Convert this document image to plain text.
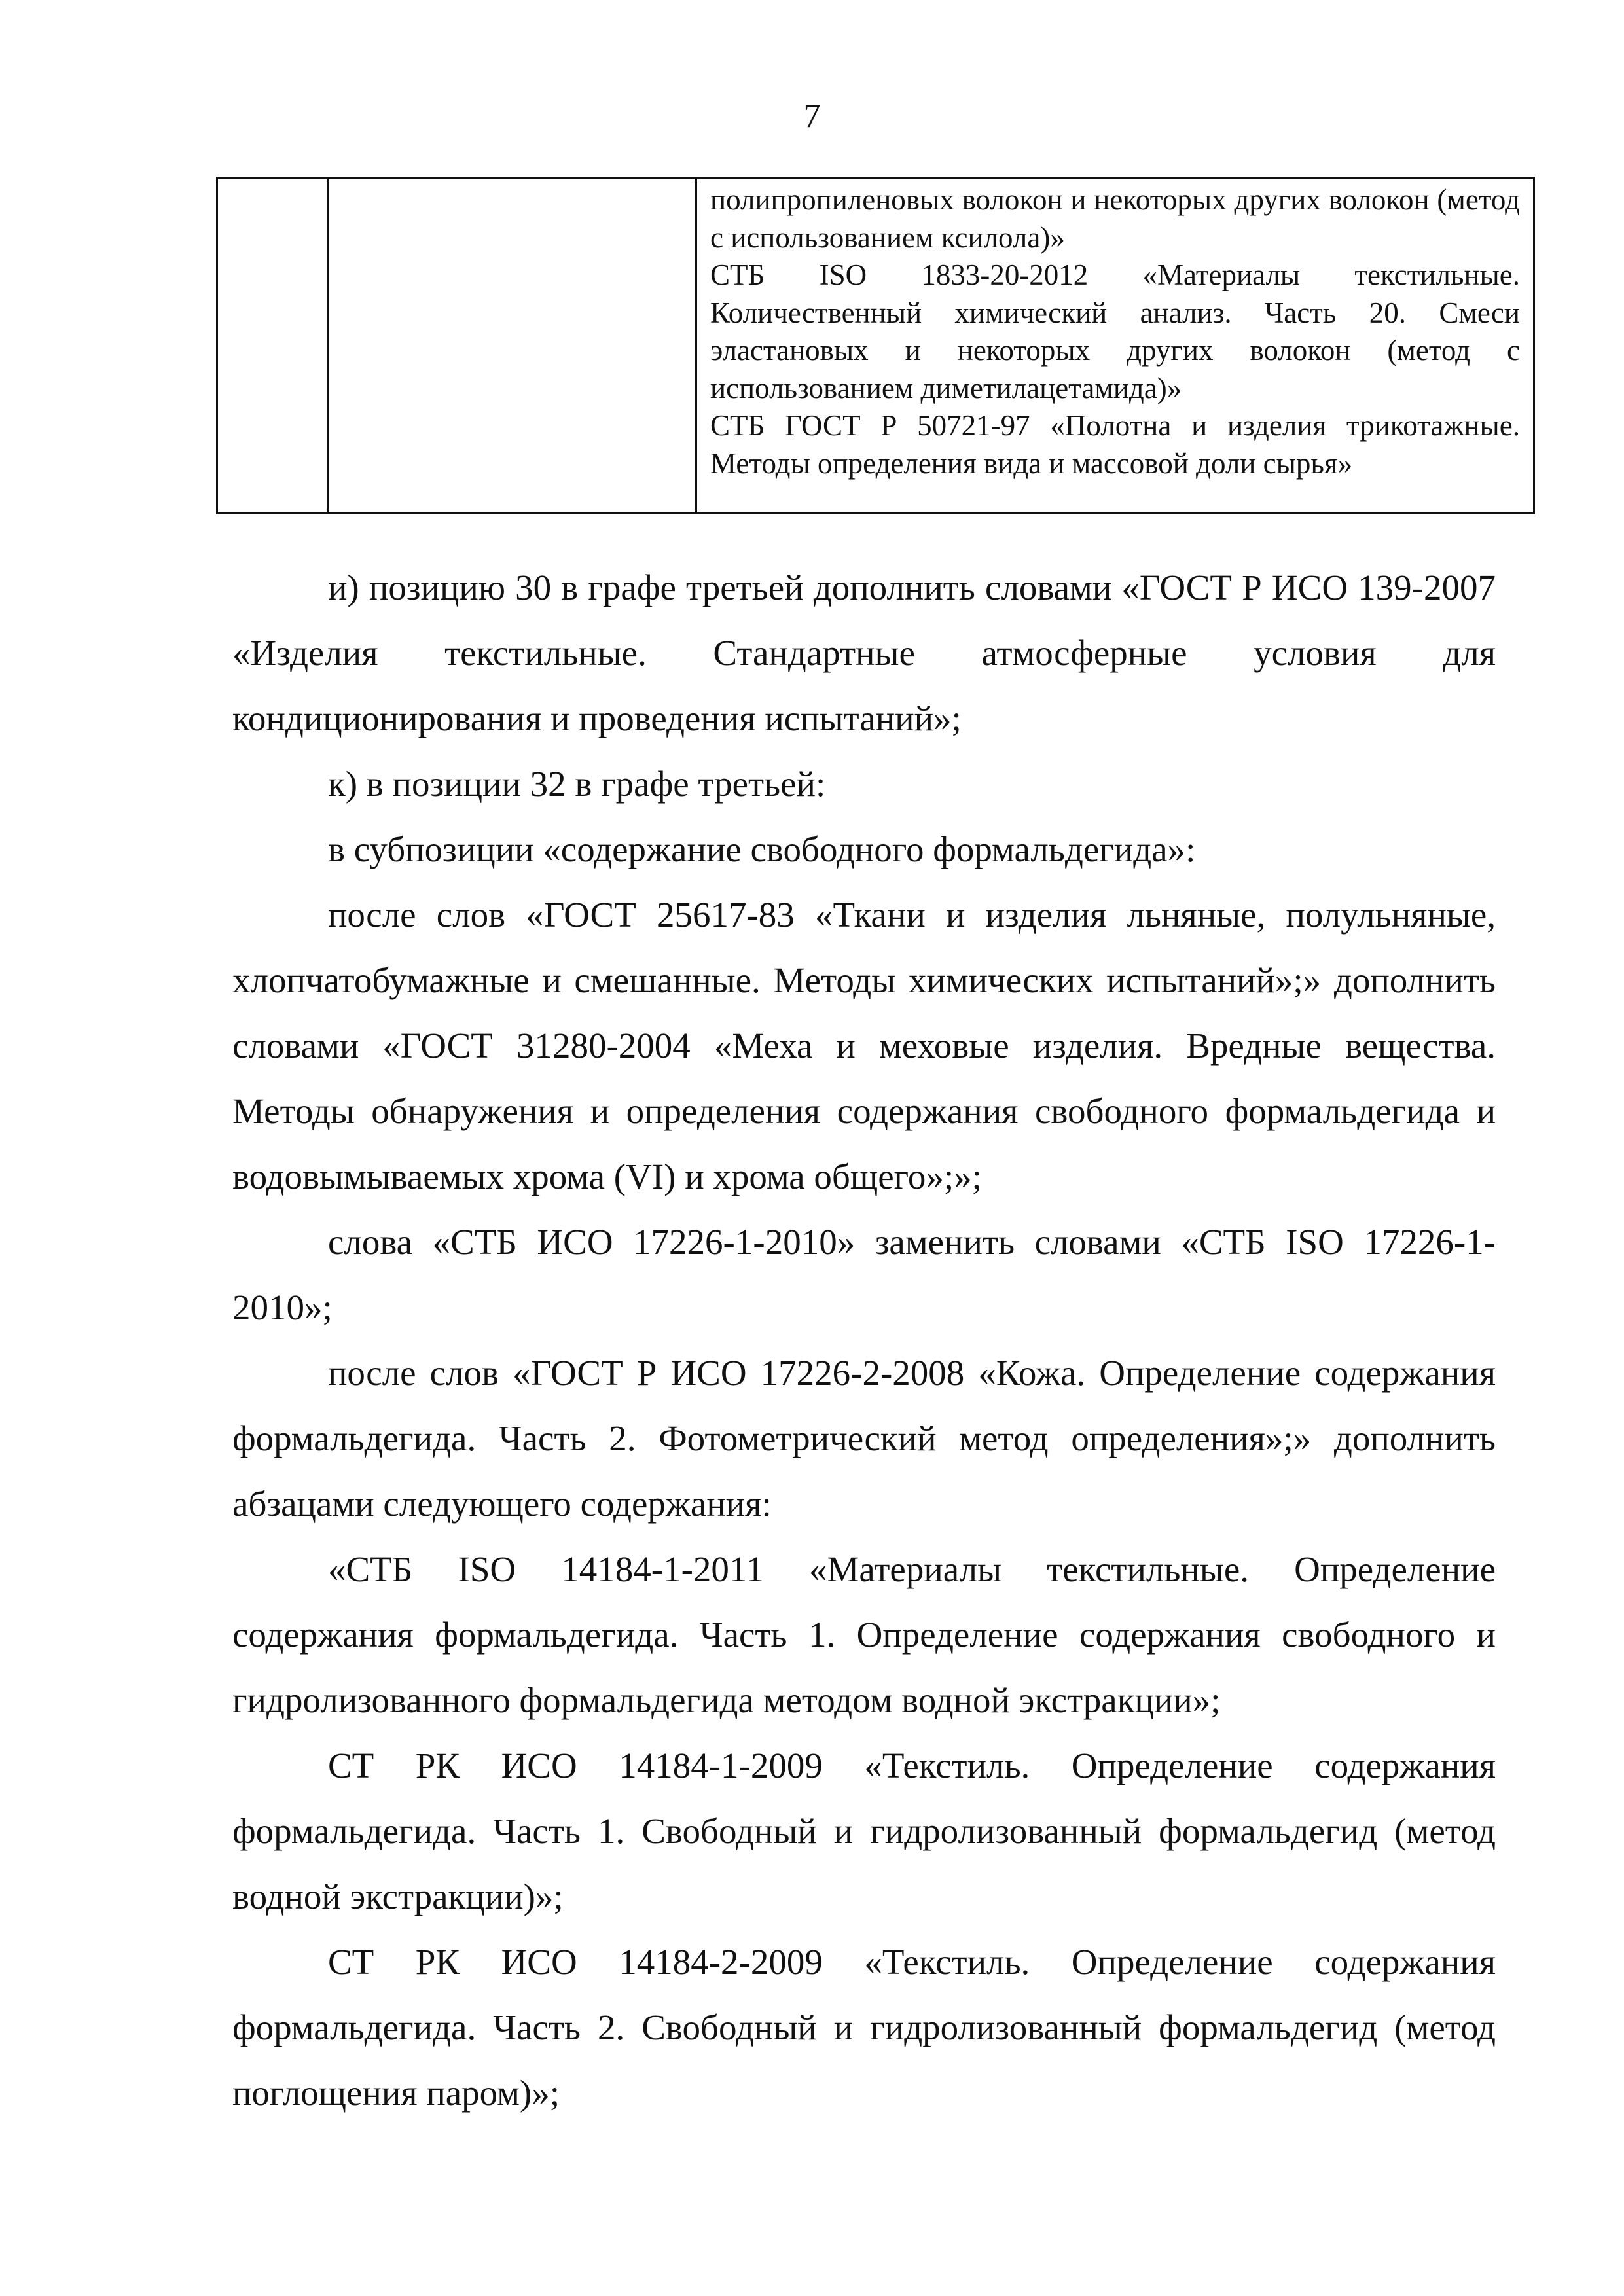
7

полипропиленовых волокон и некоторых других волокон (метод с использованием ксилола)»

СТБ ISO 1833-20-2012 «Материалы текстильные. Количественный химический анализ. Часть 20. Смеси эластановых и некоторых других волокон (метод с использованием диметилацетамида)»

СТБ ГОСТ Р 50721-97 «Полотна и изделия трикотажные. Методы определения вида и массовой доли сырья»

и) позицию 30 в графе третьей дополнить словами «ГОСТ Р ИСО 139-2007 «Изделия текстильные. Стандартные атмосферные условия для кондиционирования и проведения испытаний»;

к) в позиции 32 в графе третьей:

в субпозиции «содержание свободного формальдегида»:

после слов «ГОСТ 25617-83 «Ткани и изделия льняные, полульняные, хлопчатобумажные и смешанные. Методы химических испытаний»;» дополнить словами «ГОСТ 31280-2004 «Меха и меховые изделия. Вредные вещества. Методы обнаружения и определения содержания свободного формальдегида и водовымываемых хрома (VI) и хрома общего»;»;

слова «СТБ ИСО 17226-1-2010» заменить словами «СТБ ISO 17226-1-2010»;

после слов «ГОСТ Р ИСО 17226-2-2008 «Кожа. Определение содержания формальдегида. Часть 2. Фотометрический метод определения»;» дополнить абзацами следующего содержания:

«СТБ ISO 14184-1-2011 «Материалы текстильные. Определение содержания формальдегида. Часть 1. Определение содержания свободного и гидролизованного формальдегида методом водной экстракции»;

СТ РК ИСО 14184-1-2009 «Текстиль. Определение содержания формальдегида. Часть 1. Свободный и гидролизованный формальдегид (метод водной экстракции)»;

СТ РК ИСО 14184-2-2009 «Текстиль. Определение содержания формальдегида. Часть 2. Свободный и гидролизованный формальдегид (метод поглощения паром)»;
